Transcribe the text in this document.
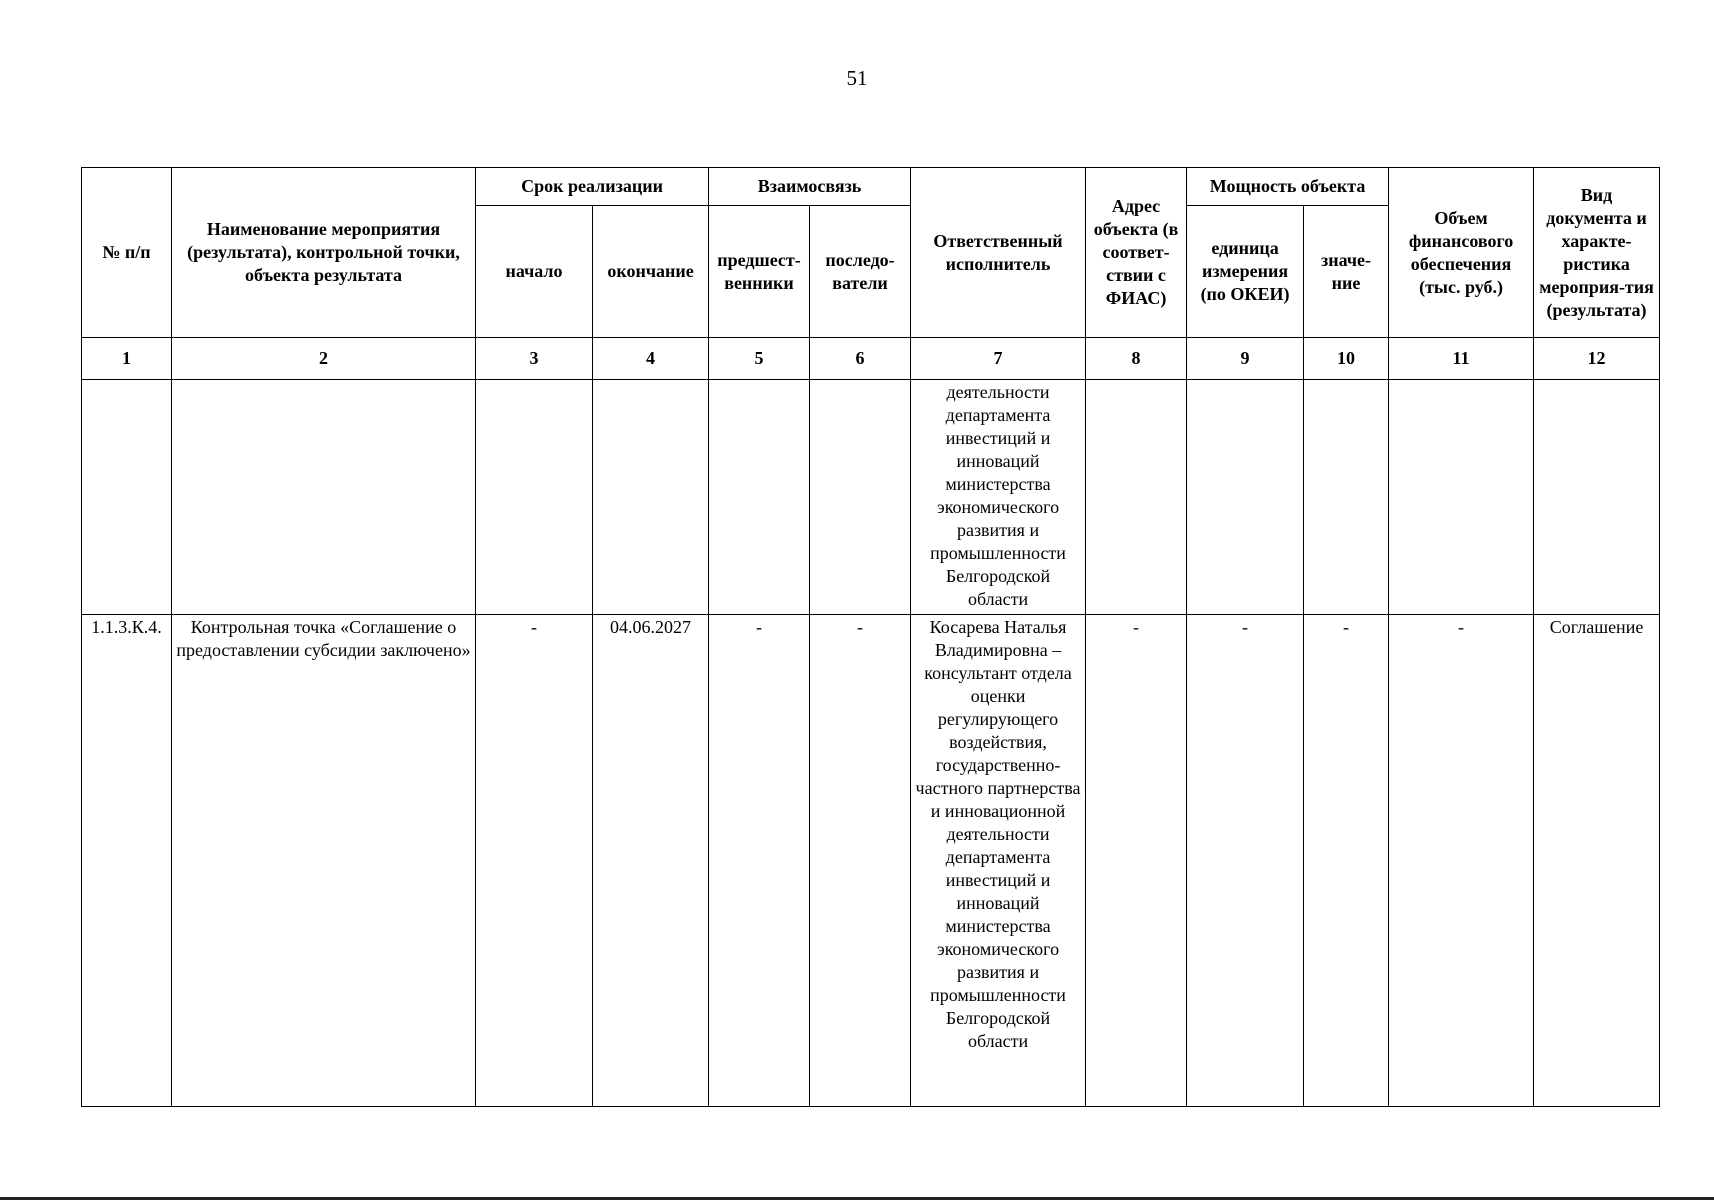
51
№ п/п	Наименование мероприятия (результата), контрольной точки, объекта результата	Срок реализации		Взаимосвязь		Ответственный исполнитель	Адрес объекта (в соответ-ствии с ФИАС)	Мощность объекта		Объем финансового обеспечения (тыс. руб.)	Вид документа и характе-ристика мероприя-тия (результата)
		начало	окончание	предшест-венники	последо-ватели			единица измерения (по ОКЕИ)	значе-ние		
1	2	3	4	5	6	7	8	9	10	11	12
						деятельности департамента инвестиций и инноваций министерства экономического развития и промышленности Белгородской области					
1.1.3.К.4.	Контрольная точка «Соглашение о предоставлении субсидии заключено»	-	04.06.2027	-	-	Косарева Наталья Владимировна – консультант отдела оценки регулирующего воздействия, государственно-частного партнерства и инновационной деятельности департамента инвестиций и инноваций министерства экономического развития и промышленности Белгородской области	-	-	-	-	Соглашение
